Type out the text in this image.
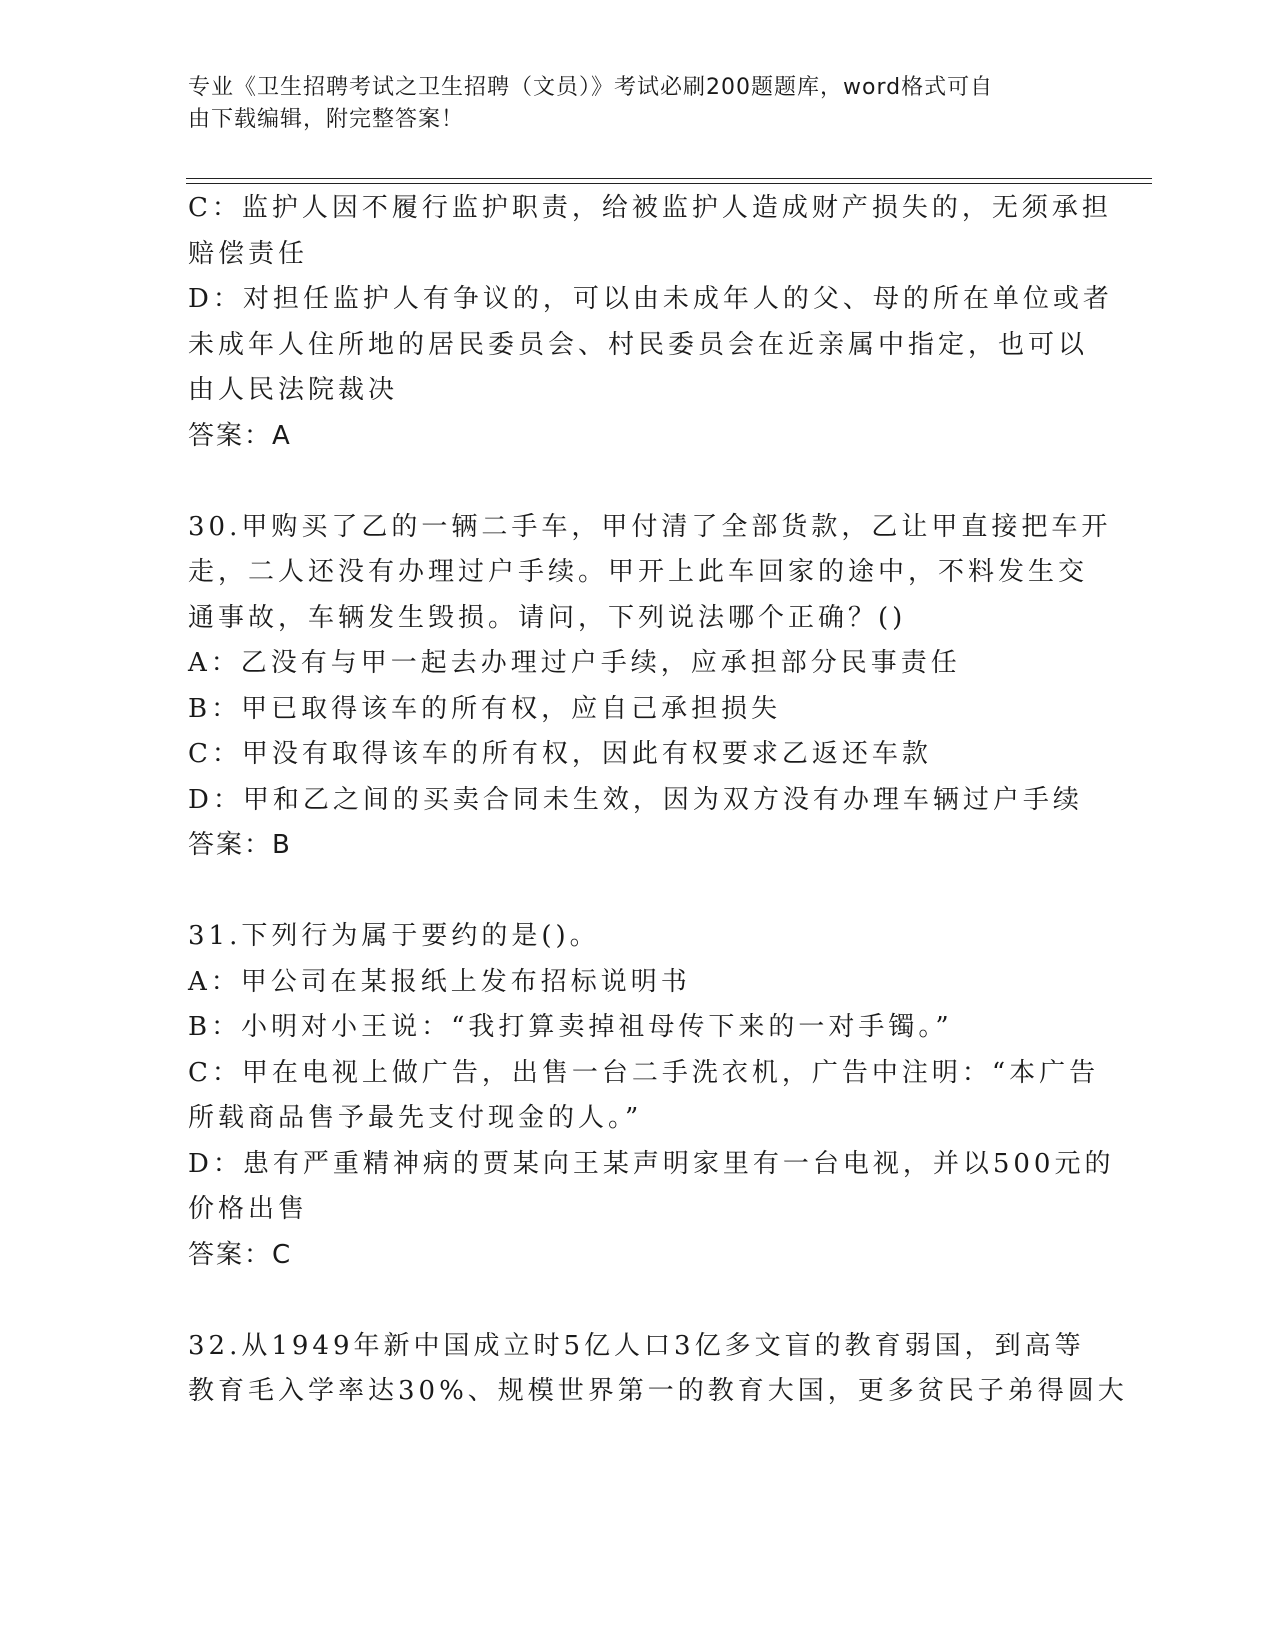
专业《卫生招聘考试之卫生招聘（文员）》考试必刷200题题库，word格式可自
由下载编辑，附完整答案！
C：监护人因不履行监护职责，给被监护人造成财产损失的，无须承担
赔偿责任
D：对担任监护人有争议的，可以由未成年人的父、母的所在单位或者
未成年人住所地的居民委员会、村民委员会在近亲属中指定，也可以
由人民法院裁决
答案：A
30.甲购买了乙的一辆二手车，甲付清了全部货款，乙让甲直接把车开
走，二人还没有办理过户手续。甲开上此车回家的途中，不料发生交
通事故，车辆发生毁损。请问，下列说法哪个正确？()
A：乙没有与甲一起去办理过户手续，应承担部分民事责任
B：甲已取得该车的所有权，应自己承担损失
C：甲没有取得该车的所有权，因此有权要求乙返还车款
D：甲和乙之间的买卖合同未生效，因为双方没有办理车辆过户手续
答案：B
31.下列行为属于要约的是()。
A：甲公司在某报纸上发布招标说明书
B：小明对小王说：“我打算卖掉祖母传下来的一对手镯。”
C：甲在电视上做广告，出售一台二手洗衣机，广告中注明：“本广告
所载商品售予最先支付现金的人。”
D：患有严重精神病的贾某向王某声明家里有一台电视，并以500元的
价格出售
答案：C
32.从1949年新中国成立时5亿人口3亿多文盲的教育弱国，到高等
教育毛入学率达30%、规模世界第一的教育大国，更多贫民子弟得圆大
